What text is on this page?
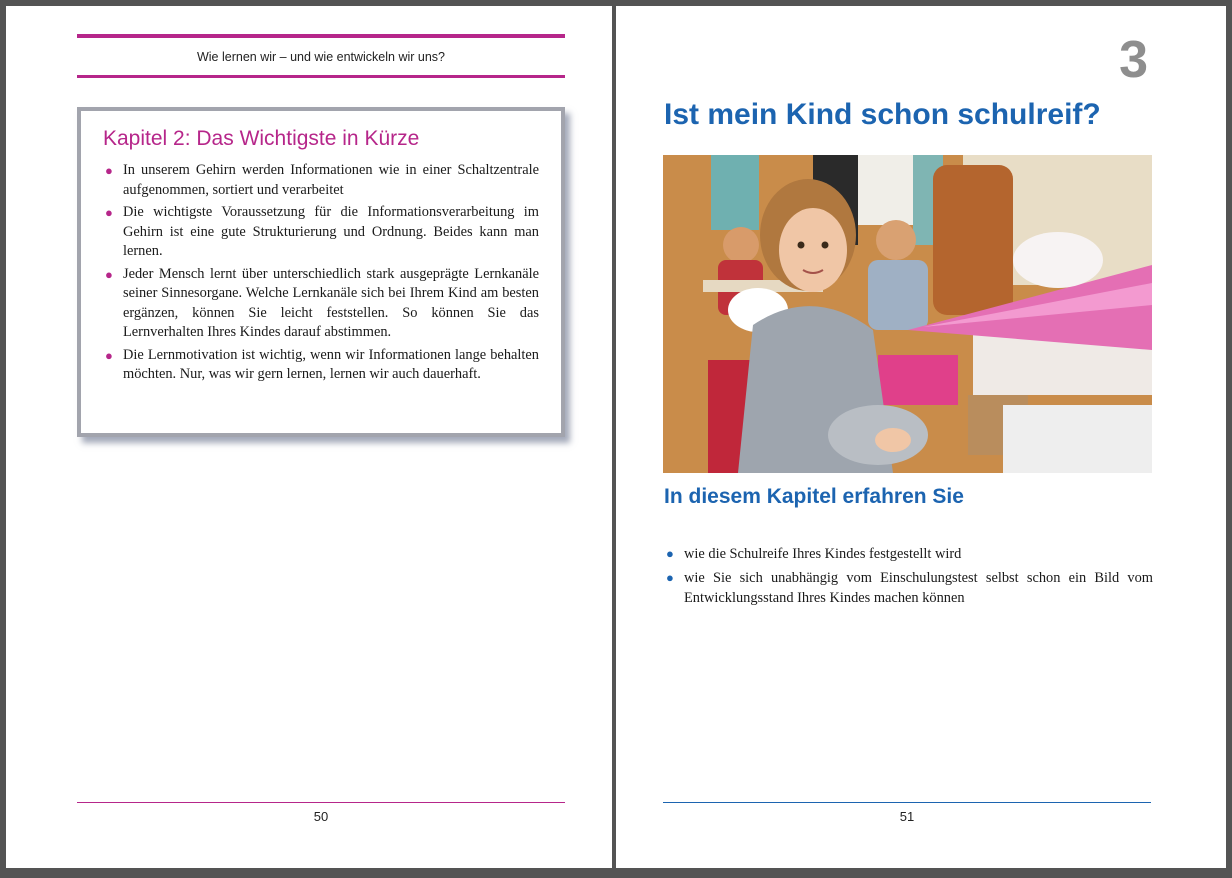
Wie lernen wir – und wie entwickeln wir uns?
Kapitel 2: Das Wichtigste in Kürze
● In unserem Gehirn werden Informationen wie in einer Schaltzentrale aufgenommen, sortiert und verarbeitet
● Die wichtigste Voraussetzung für die Informationsverarbeitung im Gehirn ist eine gute Strukturierung und Ordnung. Beides kann man lernen.
● Jeder Mensch lernt über unterschiedlich stark ausgeprägte Lernkanäle seiner Sinnesorgane. Welche Lernkanäle sich bei Ihrem Kind am besten ergänzen, können Sie leicht feststellen. So können Sie das Lernverhalten Ihres Kindes darauf abstimmen.
● Die Lernmotivation ist wichtig, wenn wir Informationen lange behalten möchten. Nur, was wir gern lernen, lernen wir auch dauerhaft.
50
3
Ist mein Kind schon schulreif?
In diesem Kapitel erfahren Sie
● wie die Schulreife Ihres Kindes festgestellt wird
● wie Sie sich unabhängig vom Einschulungstest selbst schon ein Bild vom Entwicklungsstand Ihres Kindes machen können
51
